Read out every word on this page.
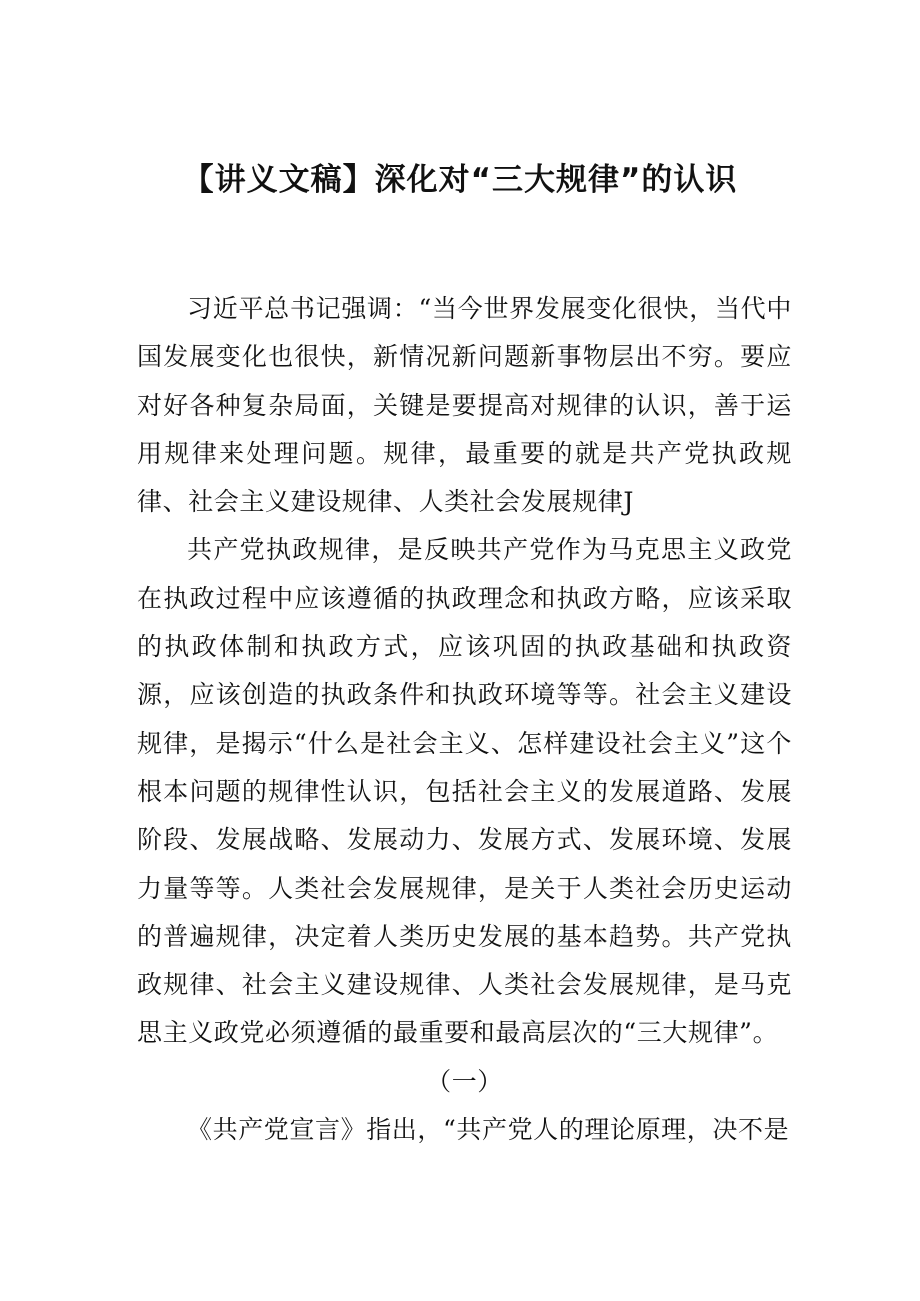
【讲义文稿】深化对“三大规律”的认识

习近平总书记强调：“当今世界发展变化很快，当代中国发展变化也很快，新情况新问题新事物层出不穷。要应对好各种复杂局面，关键是要提高对规律的认识，善于运用规律来处理问题。规律，最重要的就是共产党执政规律、社会主义建设规律、人类社会发展规律J

共产党执政规律，是反映共产党作为马克思主义政党在执政过程中应该遵循的执政理念和执政方略，应该采取的执政体制和执政方式，应该巩固的执政基础和执政资源，应该创造的执政条件和执政环境等等。社会主义建设规律，是揭示“什么是社会主义、怎样建设社会主义”这个根本问题的规律性认识，包括社会主义的发展道路、发展阶段、发展战略、发展动力、发展方式、发展环境、发展力量等等。人类社会发展规律，是关于人类社会历史运动的普遍规律，决定着人类历史发展的基本趋势。共产党执政规律、社会主义建设规律、人类社会发展规律，是马克思主义政党必须遵循的最重要和最高层次的“三大规律”。

（一）

《共产党宣言》指出，“共产党人的理论原理，决不是
